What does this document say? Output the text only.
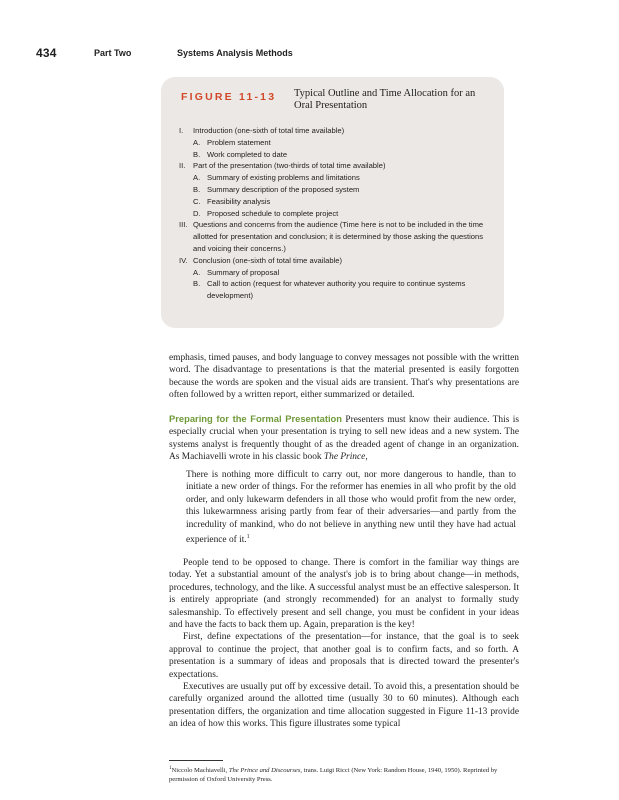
434	Part Two	Systems Analysis Methods
FIGURE 11-13 Typical Outline and Time Allocation for an Oral Presentation
I. Introduction (one-sixth of total time available)
A. Problem statement
B. Work completed to date
II. Part of the presentation (two-thirds of total time available)
A. Summary of existing problems and limitations
B. Summary description of the proposed system
C. Feasibility analysis
D. Proposed schedule to complete project
III. Questions and concerns from the audience (Time here is not to be included in the time allotted for presentation and conclusion; it is determined by those asking the questions and voicing their concerns.)
IV. Conclusion (one-sixth of total time available)
A. Summary of proposal
B. Call to action (request for whatever authority you require to continue systems development)
emphasis, timed pauses, and body language to convey messages not possible with the written word. The disadvantage to presentations is that the material presented is easily forgotten because the words are spoken and the visual aids are transient. That's why presentations are often followed by a written report, either summarized or detailed.
Preparing for the Formal Presentation Presenters must know their audience. This is especially crucial when your presentation is trying to sell new ideas and a new system. The systems analyst is frequently thought of as the dreaded agent of change in an organization. As Machiavelli wrote in his classic book The Prince,
There is nothing more difficult to carry out, nor more dangerous to handle, than to initiate a new order of things. For the reformer has enemies in all who profit by the old order, and only lukewarm defenders in all those who would profit from the new order, this lukewarmness arising partly from fear of their adversaries—and partly from the incredulity of mankind, who do not believe in anything new until they have had actual experience of it.$^1$
People tend to be opposed to change. There is comfort in the familiar way things are today. Yet a substantial amount of the analyst's job is to bring about change—in methods, procedures, technology, and the like. A successful analyst must be an effective salesperson. It is entirely appropriate (and strongly recommended) for an analyst to formally study salesmanship. To effectively present and sell change, you must be confident in your ideas and have the facts to back them up. Again, preparation is the key!
First, define expectations of the presentation—for instance, that the goal is to seek approval to continue the project, that another goal is to confirm facts, and so forth. A presentation is a summary of ideas and proposals that is directed toward the presenter's expectations.
Executives are usually put off by excessive detail. To avoid this, a presentation should be carefully organized around the allotted time (usually 30 to 60 minutes). Although each presentation differs, the organization and time allocation suggested in Figure 11-13 provide an idea of how this works. This figure illustrates some typical
$^1$Niccolo Machiavelli, The Prince and Discourses, trans. Luigi Ricci (New York: Random House, 1940, 1950). Reprinted by permission of Oxford University Press.
